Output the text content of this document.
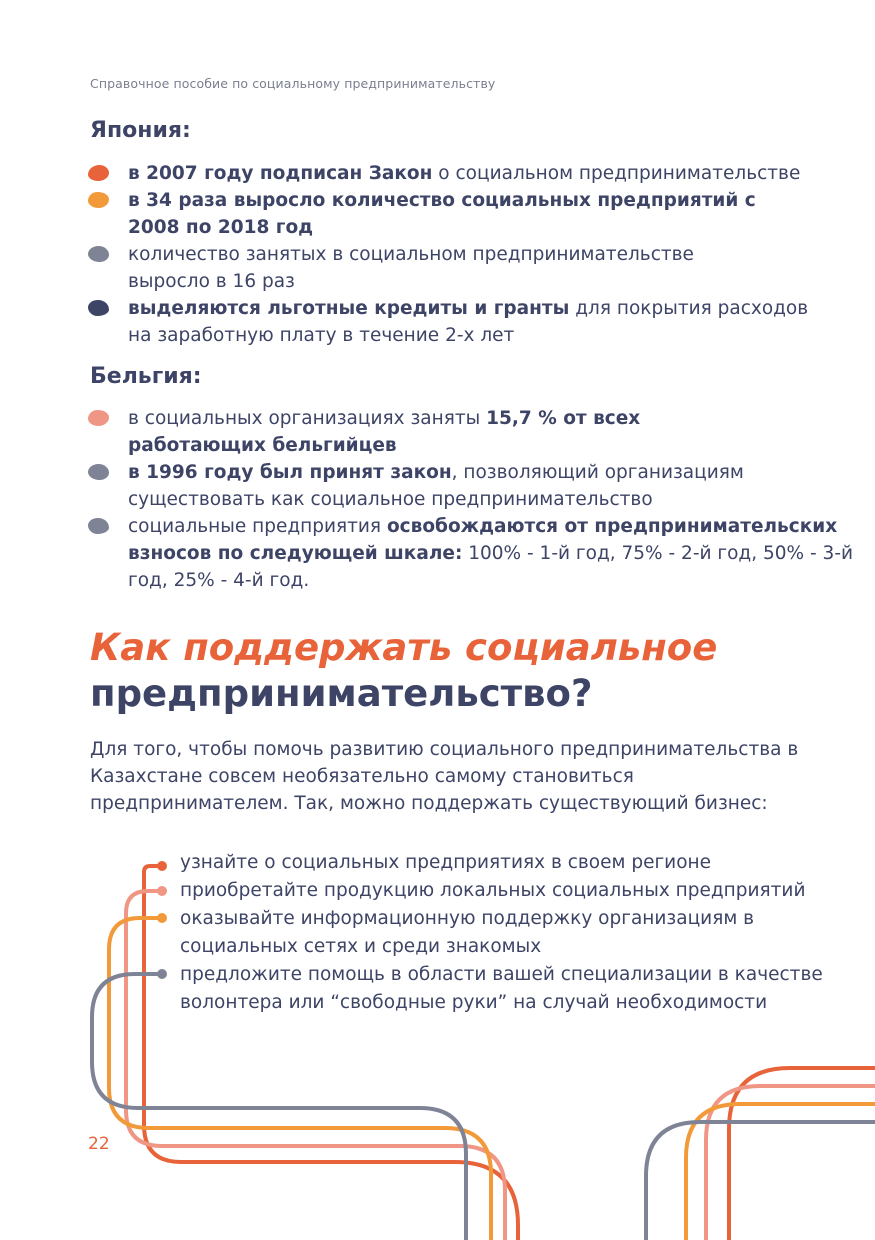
Справочное пособие по социальному предпринимательству
Япония:
в 2007 году подписан Закон о социальном предпринимательстве
в 34 раза выросло количество социальных предприятий с 2008 по 2018 год
количество занятых в социальном предпринимательстве выросло в 16 раз
выделяются льготные кредиты и гранты для покрытия расходов на заработную плату в течение 2-х лет
Бельгия:
в социальных организациях заняты 15,7 % от всех работающих бельгийцев
в 1996 году был принят закон, позволяющий организациям существовать как социальное предпринимательство
социальные предприятия освобождаются от предпринимательских взносов по следующей шкале: 100% - 1-й год, 75% - 2-й год, 50% - 3-й год, 25% - 4-й год.
Как поддержать социальное
предпринимательство?

Для того, чтобы помочь развитию социального предпринимательства в Казахстане совсем необязательно самому становиться предпринимателем. Так, можно поддержать существующий бизнес:

узнайте о социальных предприятиях в своем регионе
приобретайте продукцию локальных социальных предприятий
оказывайте информационную поддержку организациям в социальных сетях и среди знакомых
предложите помощь в области вашей специализации в качестве волонтера или “свободные руки” на случай необходимости
22
